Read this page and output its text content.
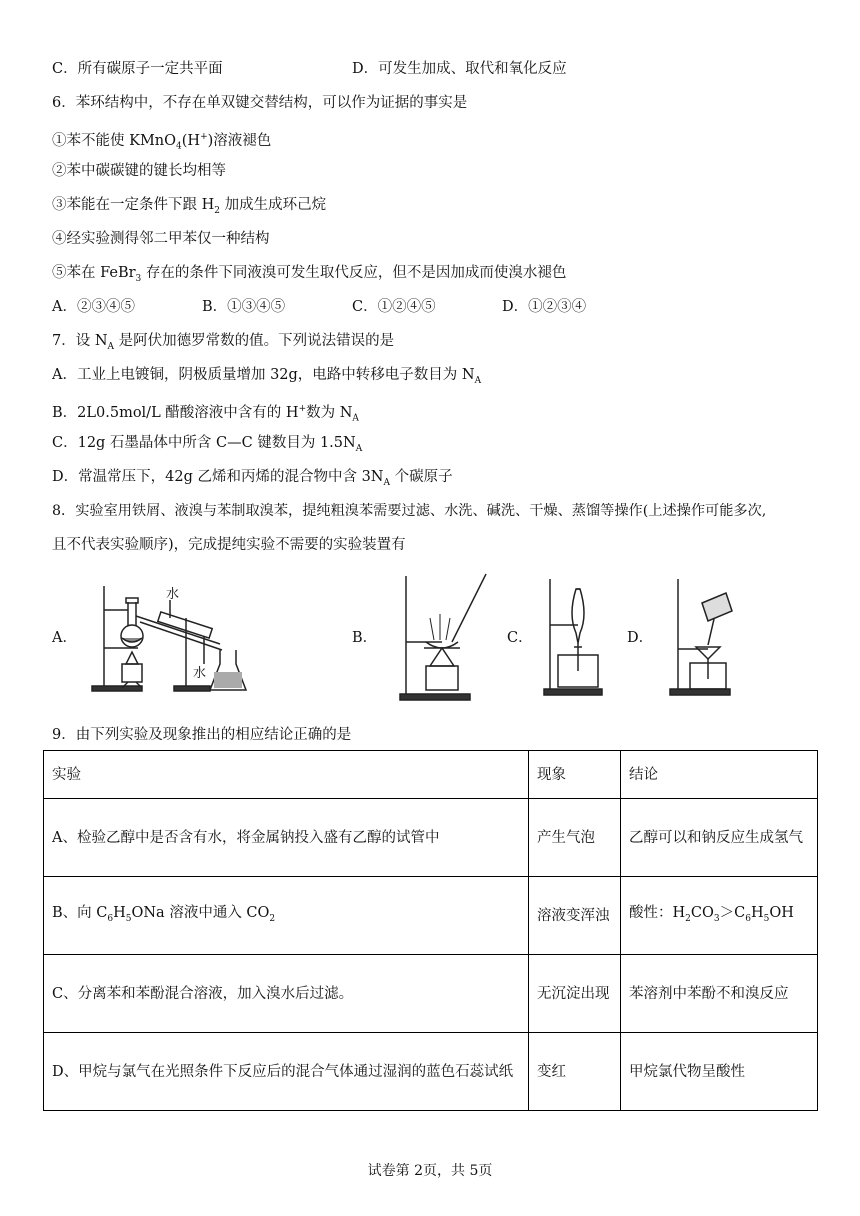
C．所有碳原子一定共平面	D．可发生加成、取代和氧化反应
6．苯环结构中，不存在单双键交替结构，可以作为证据的事实是
①苯不能使 KMnO$_4$(H+)溶液褪色
②苯中碳碳键的键长均相等
③苯能在一定条件下跟 $H_2$ 加成生成环己烷
④经实验测得邻二甲苯仅一种结构
⑤苯在 FeBr$_3$ 存在的条件下同液溴可发生取代反应，但不是因加成而使溴水褪色
A．②③④⑤	B．①③④⑤	C．①②④⑤	D．①②③④
7．设 $N_A$ 是阿伏加德罗常数的值。下列说法错误的是
A．工业上电镀铜，阴极质量增加 32g，电路中转移电子数目为 $N_A$
B．2L0.5mol/L 醋酸溶液中含有的 H+数为 $N_A$
C．12g 石墨晶体中所含 C—C 键数目为 $1.5N_A$
D．常温常压下，42g 乙烯和丙烯的混合物中含 $3N_A$ 个碳原子
8．实验室用铁屑、液溴与苯制取溴苯，提纯粗溴苯需要过滤、水洗、碱洗、干燥、蒸馏等操作(上述操作可能多次,
且不代表实验顺序)，完成提纯实验不需要的实验装置有
A．	B．	C．	D．
水
水
9．由下列实验及现象推出的相应结论正确的是
实验	现象	结论
A、检验乙醇中是否含有水，将金属钠投入盛有乙醇的试管中	产生气泡	乙醇可以和钠反应生成氢气
B、向 $C_6H_5ONa$ 溶液中通入 $CO_2$	溶液变浑浊	酸性：$H_2CO_3>C_6H_5OH$
C、分离苯和苯酚混合溶液，加入溴水后过滤。	无沉淀出现	苯溶剂中苯酚不和溴反应
D、甲烷与氯气在光照条件下反应后的混合气体通过湿润的蓝色石蕊试纸	变红	甲烷氯代物呈酸性
试卷第 2页，共 5页
